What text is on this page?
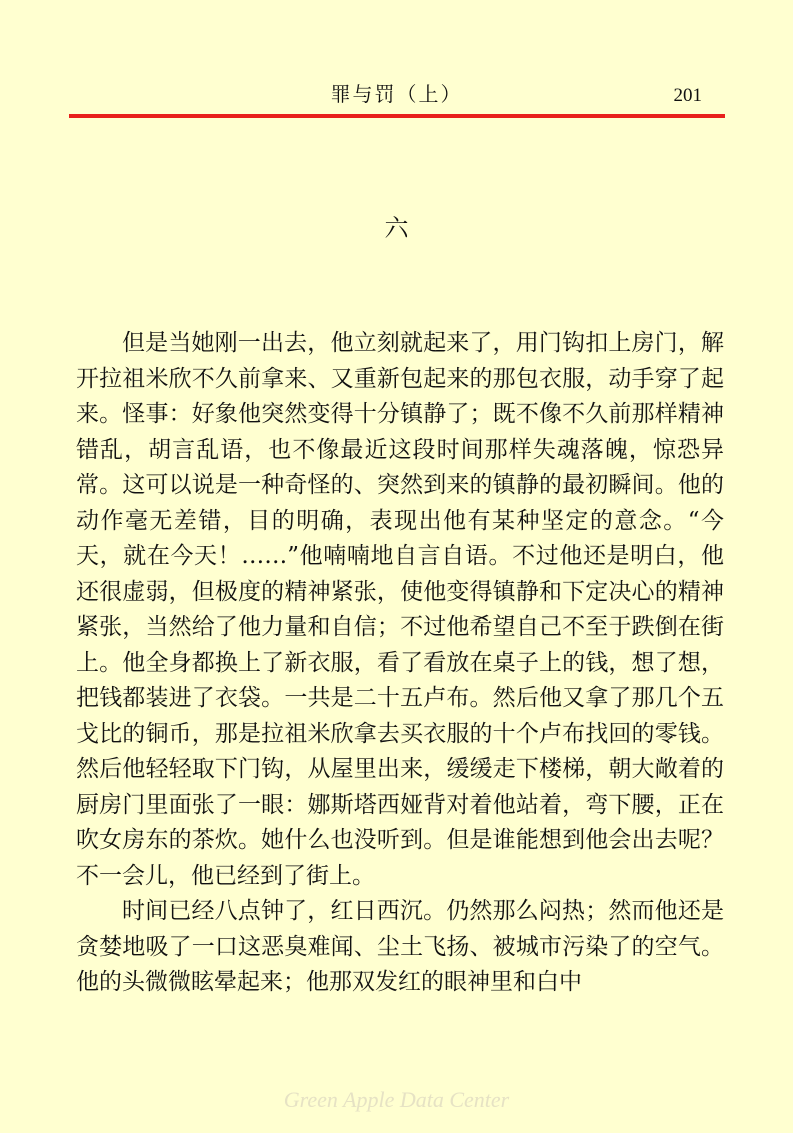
罪与罚（上）	201
六

但是当她刚一出去，他立刻就起来了，用门钩扣上房门，解开拉祖米欣不久前拿来、又重新包起来的那包衣服，动手穿了起来。怪事：好象他突然变得十分镇静了；既不像不久前那样精神错乱，胡言乱语，也不像最近这段时间那样失魂落魄，惊恐异常。这可以说是一种奇怪的、突然到来的镇静的最初瞬间。他的动作毫无差错，目的明确，表现出他有某种坚定的意念。“今天，就在今天！……”他喃喃地自言自语。不过他还是明白，他还很虚弱，但极度的精神紧张，使他变得镇静和下定决心的精神紧张，当然给了他力量和自信；不过他希望自己不至于跌倒在街上。他全身都换上了新衣服，看了看放在桌子上的钱，想了想，把钱都装进了衣袋。一共是二十五卢布。然后他又拿了那几个五戈比的铜币，那是拉祖米欣拿去买衣服的十个卢布找回的零钱。然后他轻轻取下门钩，从屋里出来，缓缓走下楼梯，朝大敞着的厨房门里面张了一眼：娜斯塔西娅背对着他站着，弯下腰，正在吹女房东的茶炊。她什么也没听到。但是谁能想到他会出去呢？不一会儿，他已经到了街上。

时间已经八点钟了，红日西沉。仍然那么闷热；然而他还是贪婪地吸了一口这恶臭难闻、尘土飞扬、被城市污染了的空气。他的头微微眩晕起来；他那双发红的眼神里和白中

Green Apple Data Center
